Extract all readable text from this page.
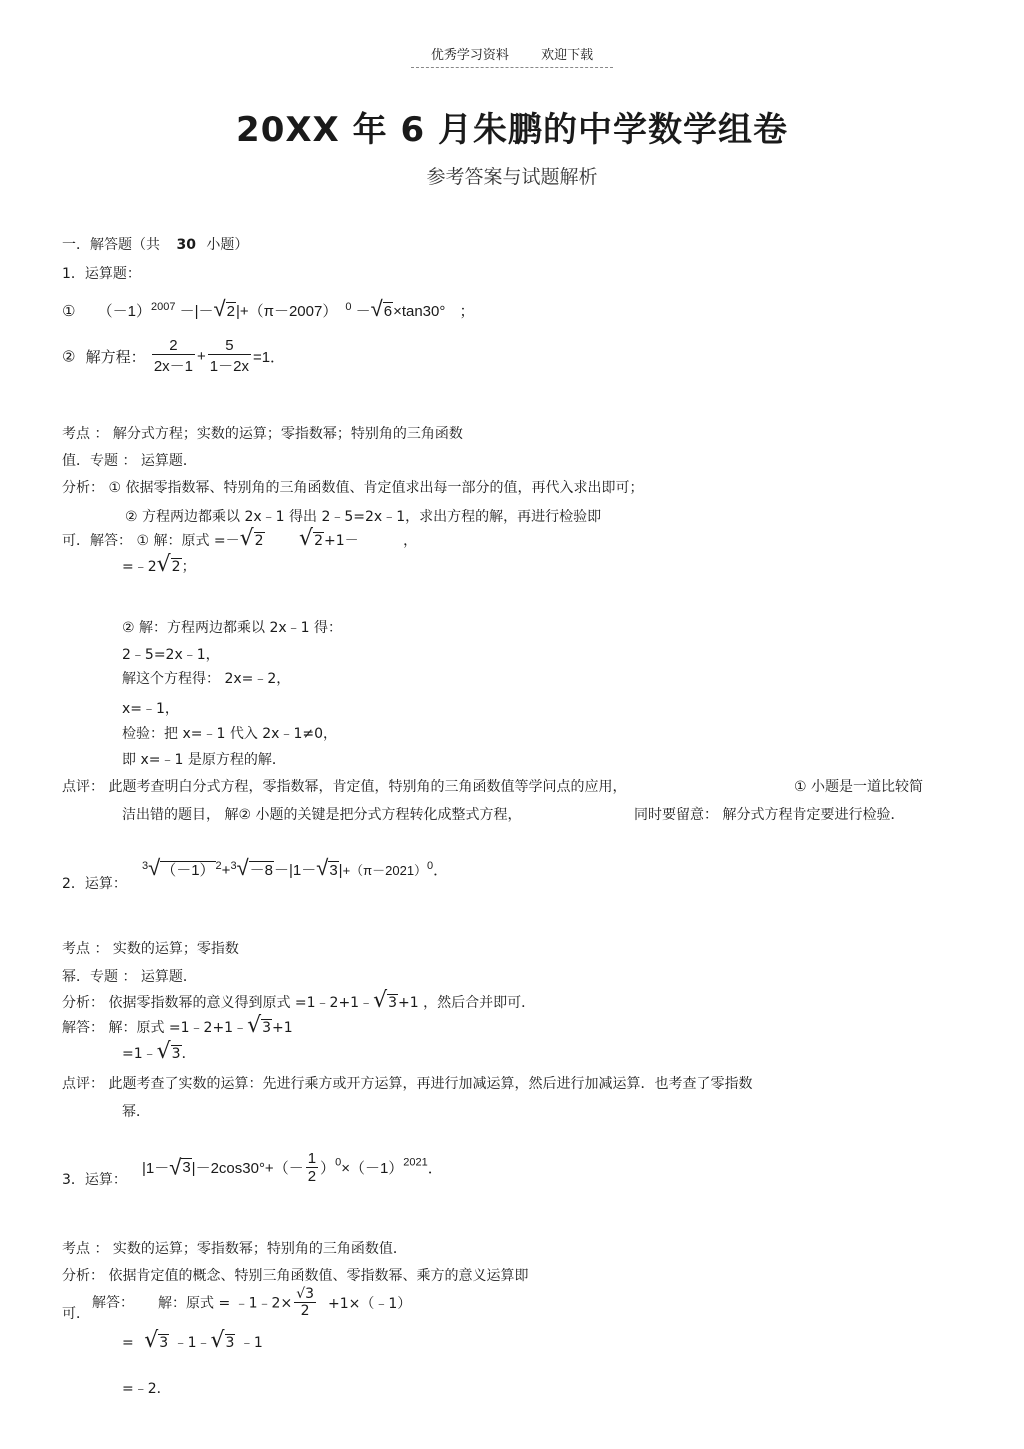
优秀学习资料 欢迎下载
20XX 年 6 月朱鹏的中学数学组卷
参考答案与试题解析
一．解答题（共 30 小题）
1．运算题：
① $(-1)^{2007} -|-√2|+(\pi-2007)$ $^0$ －√6×tan30° ；
② 解方程： $\frac{2}{2x-1} + \frac{5}{1-2x} =1$．
考点 ： 解分式方程；实数的运算；零指数幂；特别角的三角函数
值．专题 ： 运算题．
分析： ① 依据零指数幂、特别角的三角函数值、肯定值求出每一部分的值，再代入求出即可；
② 方程两边都乘以 2x﹣1 得出 2﹣5=2x﹣1，求出方程的解，再进行检验即
可．解答： ① 解：原式 =－√2 √2+1－	，
=﹣2√2；
② 解：方程两边都乘以 2x﹣1 得：
2﹣5=2x﹣1，
解这个方程得： 2x=﹣2，
x=﹣1，
检验：把 x=﹣1 代入 2x﹣1≠0，
即 x=﹣1 是原方程的解．
点评： 此题考查明白分式方程，零指数幂，肯定值，特别角的三角函数值等学问点的应用，	① 小题是一道比较简
洁出错的题目， 解② 小题的关键是把分式方程转化成整式方程，	同时要留意： 解分式方程肯定要进行检验．
2．运算：
$^3√(-1)^2+^3√-8-|1-√3|+(\pi-2021)^0$．
考点 ： 实数的运算；零指数
幂．专题 ： 运算题．
分析： 依据零指数幂的意义得到原式 =1﹣2+1﹣√3+1 ，然后合并即可．
解答： 解：原式 =1﹣2+1﹣√3+1
=1﹣√3．
点评： 此题考查了实数的运算：先进行乘方或开方运算，再进行加减运算，然后进行加减运算．也考查了零指数
幂．
3．运算：
$|1-√3|-2\cos 30^\circ+(- \frac{1}{2} )^0\times(-1)^{2021}$．
考点 ： 实数的运算；零指数幂；特别角的三角函数值．
分析： 依据肯定值的概念、特别三角函数值、零指数幂、乘方的意义运算即
可．
解答： 解：原式 = ﹣1﹣2× $\frac{√3}{2}$ +1×（﹣1）
= √3 ﹣1﹣√3 ﹣1
=﹣2．
